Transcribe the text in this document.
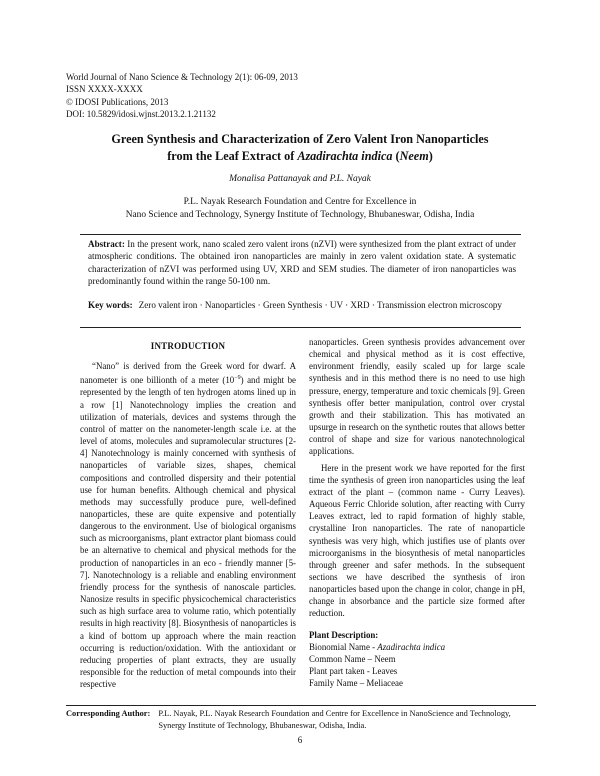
World Journal of Nano Science & Technology 2(1): 06-09, 2013
ISSN XXXX-XXXX
© IDOSI Publications, 2013
DOI: 10.5829/idosi.wjnst.2013.2.1.21132
Green Synthesis and Characterization of Zero Valent Iron Nanoparticles
from the Leaf Extract of Azadirachta indica (Neem)
Monalisa Pattanayak and P.L. Nayak
P.L. Nayak Research Foundation and Centre for Excellence in
Nano Science and Technology, Synergy Institute of Technology, Bhubaneswar, Odisha, India
Abstract: In the present work, nano scaled zero valent irons (nZVI) were synthesized from the plant extract of under atmospheric conditions. The obtained iron nanoparticles are mainly in zero valent oxidation state. A systematic characterization of nZVI was performed using UV, XRD and SEM studies. The diameter of iron nanoparticles was predominantly found within the range 50-100 nm.
Key words: Zero valent iron · Nanoparticles · Green Synthesis · UV · XRD · Transmission electron microscopy
INTRODUCTION

“Nano” is derived from the Greek word for dwarf. A nanometer is one billionth of a meter $(10^{-9})$ and might be represented by the length of ten hydrogen atoms lined up in a row [1] Nanotechnology implies the creation and utilization of materials, devices and systems through the control of matter on the nanometer-length scale i.e. at the level of atoms, molecules and supramolecular structures [2-4] Nanotechnology is mainly concerned with synthesis of nanoparticles of variable sizes, shapes, chemical compositions and controlled dispersity and their potential use for human benefits. Although chemical and physical methods may successfully produce pure, well-defined nanoparticles, these are quite expensive and potentially dangerous to the environment. Use of biological organisms such as microorganisms, plant extractor plant biomass could be an alternative to chemical and physical methods for the production of nanoparticles in an eco - friendly manner [5-7]. Nanotechnology is a reliable and enabling environment friendly process for the synthesis of nanoscale particles. Nanosize results in specific physicochemical characteristics such as high surface area to volume ratio, which potentially results in high reactivity [8]. Biosynthesis of nanoparticles is a kind of bottom up approach where the main reaction occurring is reduction/oxidation. With the antioxidant or reducing properties of plant extracts, they are usually responsible for the reduction of metal compounds into their respective

nanoparticles. Green synthesis provides advancement over chemical and physical method as it is cost effective, environment friendly, easily scaled up for large scale synthesis and in this method there is no need to use high pressure, energy, temperature and toxic chemicals [9]. Green synthesis offer better manipulation, control over crystal growth and their stabilization. This has motivated an upsurge in research on the synthetic routes that allows better control of shape and size for various nanotechnological applications.

Here in the present work we have reported for the first time the synthesis of green iron nanoparticles using the leaf extract of the plant – (common name - Curry Leaves). Aqueous Ferric Chloride solution, after reacting with Curry Leaves extract, led to rapid formation of highly stable, crystalline Iron nanoparticles. The rate of nanoparticle synthesis was very high, which justifies use of plants over microorganisms in the biosynthesis of metal nanoparticles through greener and safer methods. In the subsequent sections we have described the synthesis of iron nanoparticles based upon the change in color, change in pH, change in absorbance and the particle size formed after reduction.

Plant Description:
Bionomial Name - Azadirachta indica
Common Name – Neem
Plant part taken - Leaves
Family Name – Meliaceae
Corresponding Author: P.L. Nayak, P.L. Nayak Research Foundation and Centre for Excellence in NanoScience and Technology, Synergy Institute of Technology, Bhubaneswar, Odisha, India.
6
